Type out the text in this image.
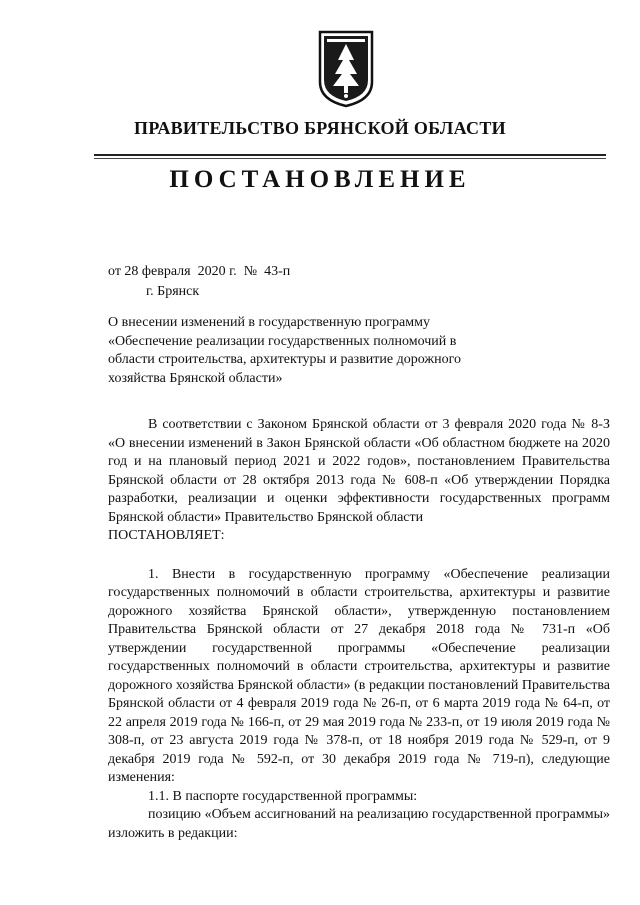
ПРАВИТЕЛЬСТВО БРЯНСКОЙ ОБЛАСТИ
ПОСТАНОВЛЕНИЕ
от 28 февраля  2020 г.  №  43-п
г. Брянск
О внесении изменений в государственную программу «Обеспечение реализации государственных полномочий в области строительства, архитектуры и развитие дорожного хозяйства Брянской области»

В соответствии с Законом Брянской области от 3 февраля 2020 года № 8-З «О внесении изменений в Закон Брянской области «Об областном бюджете на 2020 год и на плановый период 2021 и 2022 годов», постановлением Правительства Брянской области от 28 октября 2013 года № 608-п «Об утверждении Порядка разработки, реализации и оценки эффективности государственных программ Брянской области» Правительство Брянской области

ПОСТАНОВЛЯЕТ:

1. Внести в государственную программу «Обеспечение реализации государственных полномочий в области строительства, архитектуры и развитие дорожного хозяйства Брянской области», утвержденную постановлением Правительства Брянской области от 27 декабря 2018 года № 731-п «Об утверждении государственной программы «Обеспечение реализации государственных полномочий в области строительства, архитектуры и развитие дорожного хозяйства Брянской области» (в редакции постановлений Правительства Брянской области от 4 февраля 2019 года № 26-п, от 6 марта 2019 года № 64-п, от 22 апреля 2019 года № 166-п, от 29 мая 2019 года № 233-п, от 19 июля 2019 года № 308-п, от 23 августа 2019 года № 378-п, от 18 ноября 2019 года № 529-п, от 9 декабря 2019 года № 592-п, от 30 декабря 2019 года № 719-п), следующие изменения:

1.1. В паспорте государственной программы:

позицию «Объем ассигнований на реализацию государственной программы» изложить в редакции:
